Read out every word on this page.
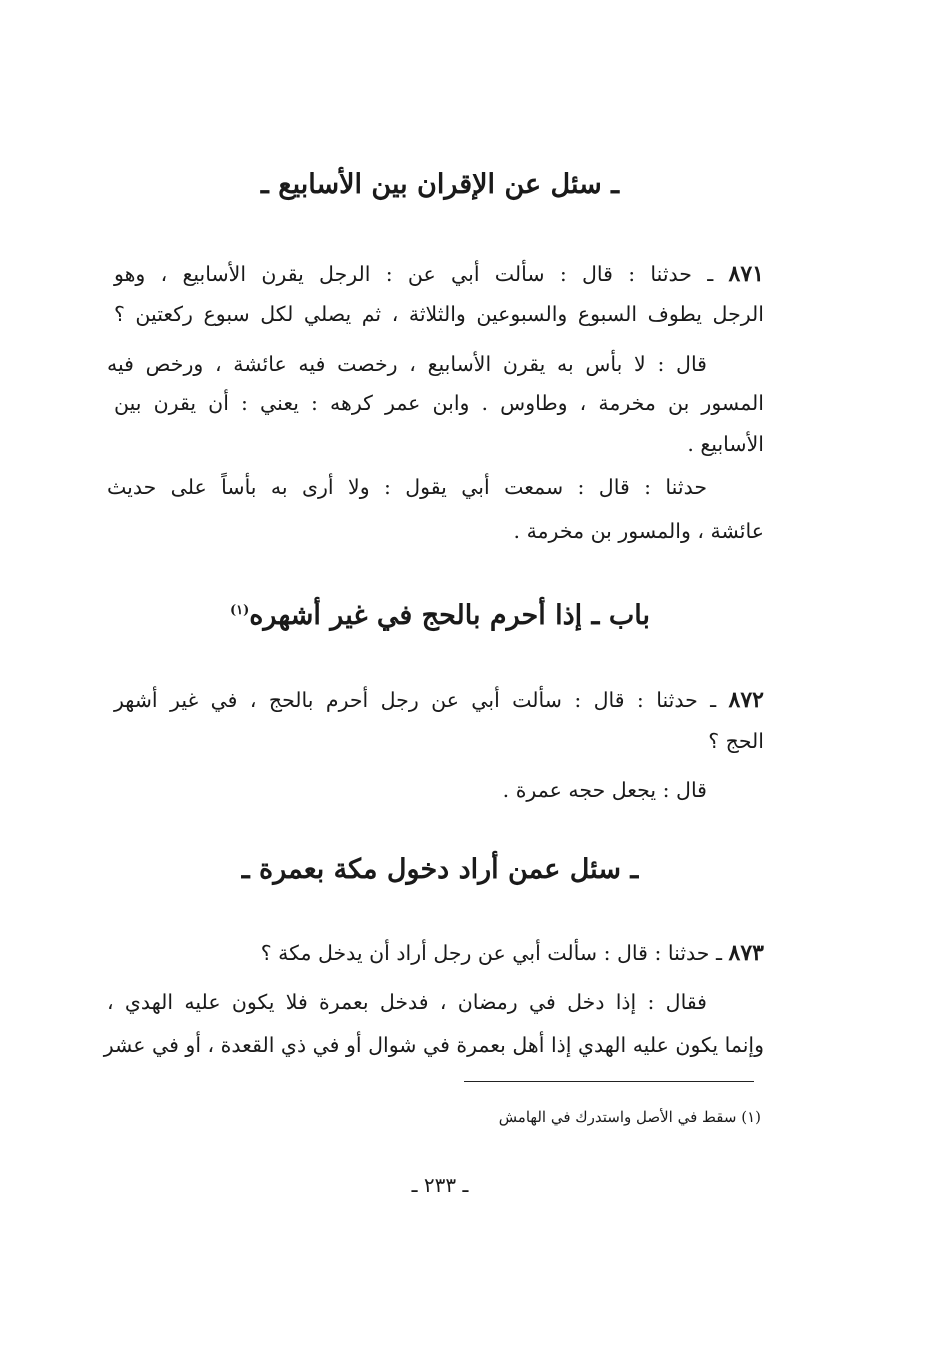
ـ سئل عن الإقران بين الأسابيع ـ
٨٧١ ـ حدثنا : قال : سألت أبي عن : الرجل يقرن الأسابيع ، وهو
الرجل يطوف السبوع والسبوعين والثلاثة ، ثم يصلي لكل سبوع ركعتين ؟
قال : لا بأس به يقرن الأسابيع ، رخصت فيه عائشة ، ورخص فيه
المسور بن مخرمة ، وطاوس . وابن عمر كرهه : يعني : أن يقرن بين
الأسابيع .
حدثنا : قال : سمعت أبي يقول : ولا أرى به بأساً على حديث
عائشة ، والمسور بن مخرمة .
باب ـ إذا أحرم بالحج في غير أشهره$^{(١)}$
٨٧٢ ـ حدثنا : قال : سألت أبي عن رجل أحرم بالحج ، في غير أشهر
الحج ؟
قال : يجعل حجه عمرة .
ـ سئل عمن أراد دخول مكة بعمرة ـ
٨٧٣ ـ حدثنا : قال : سألت أبي عن رجل أراد أن يدخل مكة ؟
فقال : إذا دخل في رمضان ، فدخل بعمرة فلا يكون عليه الهدي ،
وإنما يكون عليه الهدي إذا أهل بعمرة في شوال أو في ذي القعدة ، أو في عشر
(١) سقط في الأصل واستدرك في الهامش
ـ ٢٣٣ ـ
